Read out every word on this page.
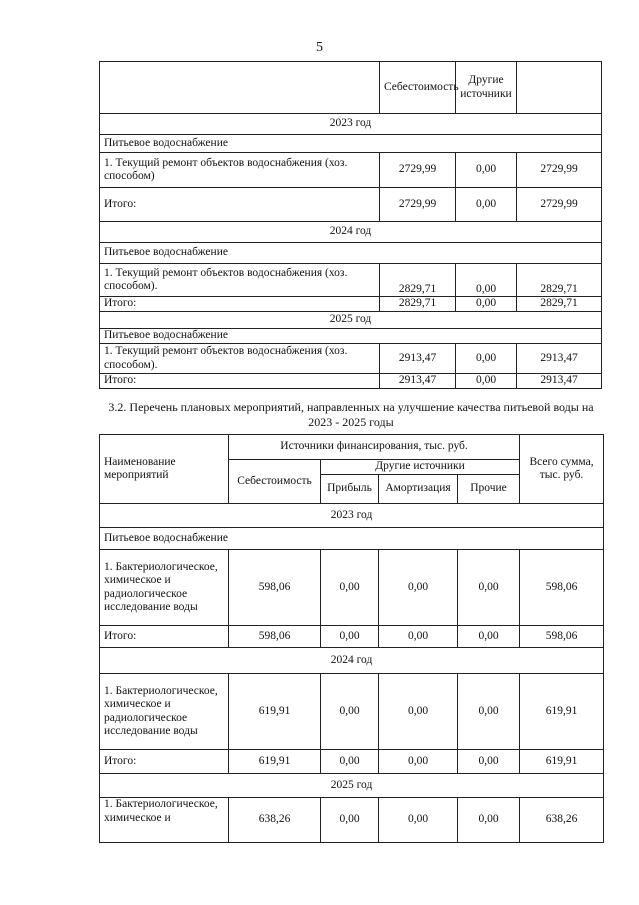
5
	Себестоимость	Другие источники	
2023 год			
Питьевое водоснабжение			
1. Текущий ремонт объектов водоснабжения (хоз. способом)	2729,99	0,00	2729,99
Итого:	2729,99	0,00	2729,99
2024 год			
Питьевое водоснабжение			
1. Текущий ремонт объектов водоснабжения (хоз. способом).	2829,71	0,00	2829,71
Итого:	2829,71	0,00	2829,71
2025 год			
Питьевое водоснабжение			
1. Текущий ремонт объектов водоснабжения (хоз. способом).	2913,47	0,00	2913,47
Итого:	2913,47	0,00	2913,47
3.2. Перечень плановых мероприятий, направленных на улучшение качества питьевой воды на 2023 - 2025 годы
Наименование мероприятий	Источники финансирования, тыс. руб.				Всего сумма, тыс. руб.
	Себестоимость	Другие источники			
		Прибыль	Амортизация	Прочие	
2023 год					
Питьевое водоснабжение					
1. Бактериологическое, химическое и радиологическое исследование воды	598,06	0,00	0,00	0,00	598,06
Итого:	598,06	0,00	0,00	0,00	598,06
2024 год					
1. Бактериологическое, химическое и радиологическое исследование воды	619,91	0,00	0,00	0,00	619,91
Итого:	619,91	0,00	0,00	0,00	619,91
2025 год					
1. Бактериологическое, химическое и	638,26	0,00	0,00	0,00	638,26
